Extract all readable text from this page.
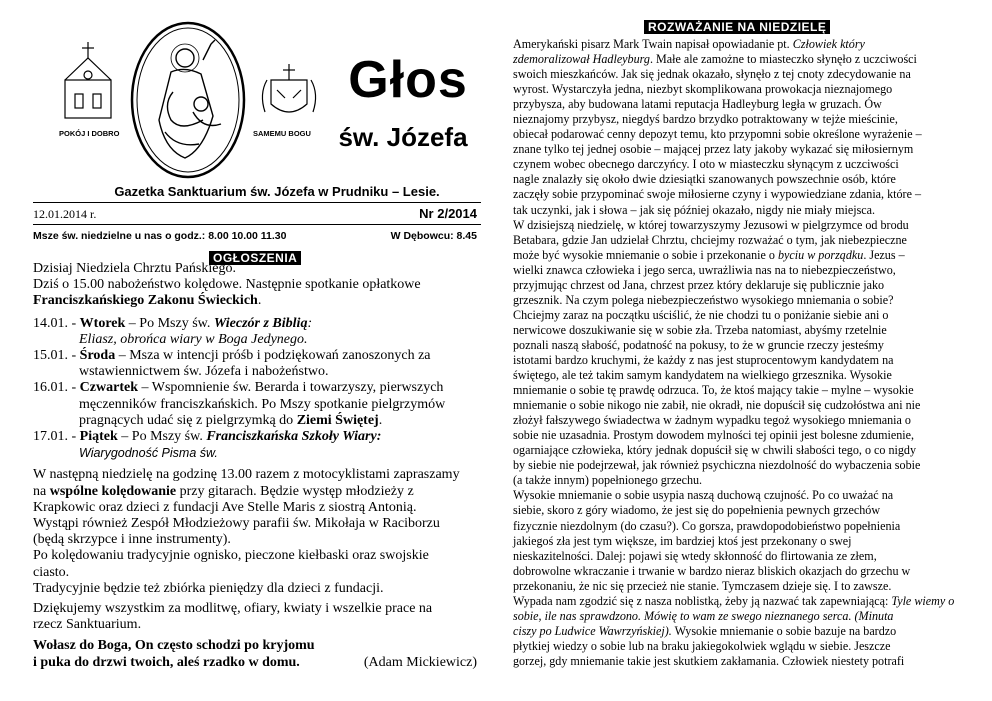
POKÓJ I DOBRO	SAMEMU BOGU
Głos
św. Józefa
Gazetka Sanktuarium św. Józefa w Prudniku – Lesie.
12.01.2014 r.	Nr 2/2014
Msze św. niedzielne u nas o godz.: 8.00 10.00 11.30	W Dębowcu: 8.45
OGŁOSZENIA

Dzisiaj Niedziela Chrztu Pańskiego.

Dziś o 15.00 nabożeństwo kolędowe. Następnie spotkanie opłatkowe

Franciszkańskiego Zakonu Świeckich.

14.01. - Wtorek – Po Mszy św. Wieczór z Biblią:

Eliasz, obrońca wiary w Boga Jedynego.

15.01. - Środa – Msza w intencji próśb i podziękowań zanoszonych za

wstawiennictwem św. Józefa i nabożeństwo.

16.01. - Czwartek – Wspomnienie św. Berarda i towarzyszy, pierwszych

męczenników franciszkańskich. Po Mszy spotkanie pielgrzymów

pragnących udać się z pielgrzymką do Ziemi Świętej.

17.01. - Piątek – Po Mszy św. Franciszkańska Szkoły Wiary:

Wiarygodność Pisma św.

W następną niedzielę na godzinę 13.00 razem z motocyklistami zapraszamy

na wspólne kolędowanie przy gitarach. Będzie występ młodzieży z

Krapkowic oraz dzieci z fundacji Ave Stelle Maris z siostrą Antonią.

Wystąpi również Zespół Młodzieżowy parafii św. Mikołaja w Raciborzu

(będą skrzypce i inne instrumenty).

Po kolędowaniu tradycyjnie ognisko, pieczone kiełbaski oraz swojskie

ciasto.

Tradycyjnie będzie też zbiórka pieniędzy dla dzieci z fundacji.

Dziękujemy wszystkim za modlitwę, ofiary, kwiaty i wszelkie prace na

rzecz Sanktuarium.

Wołasz do Boga, On często schodzi po kryjomu

i puka do drzwi twoich, aleś rzadko w domu.	(Adam Mickiewicz)
ROZWAŻANIE NA NIEDZIELĘ

Amerykański pisarz Mark Twain napisał opowiadanie pt. Człowiek który

zdemoralizował Hadleyburg. Małe ale zamożne to miasteczko słynęło z uczciwości

swoich mieszkańców. Jak się jednak okazało, słynęło z tej cnoty zdecydowanie na

wyrost. Wystarczyła jedna, niezbyt skomplikowana prowokacja nieznajomego

przybysza, aby budowana latami reputacja Hadleyburg legła w gruzach. Ów

nieznajomy przybysz, niegdyś bardzo brzydko potraktowany w tejże mieścinie,

obiecał podarować cenny depozyt temu, kto przypomni sobie określone wyrażenie –

znane tylko tej jednej osobie – mającej przez laty jakoby wykazać się miłosiernym

czynem wobec obecnego darczyńcy. I oto w miasteczku słynącym z uczciwości

nagle znalazły się około dwie dziesiątki szanowanych powszechnie osób, które

zaczęły sobie przypominać swoje miłosierne czyny i wypowiedziane zdania, które –

tak uczynki, jak i słowa – jak się później okazało, nigdy nie miały miejsca.

W dzisiejszą niedzielę, w której towarzyszymy Jezusowi w pielgrzymce od brodu

Betabara, gdzie Jan udzielał Chrztu, chciejmy rozważać o tym, jak niebezpieczne

może być wysokie mniemanie o sobie i przekonanie o byciu w porządku. Jezus –

wielki znawca człowieka i jego serca, uwrażliwia nas na to niebezpieczeństwo,

przyjmując chrzest od Jana, chrzest przez który deklaruje się publicznie jako

grzesznik. Na czym polega niebezpieczeństwo wysokiego mniemania o sobie?

Chciejmy zaraz na początku uściślić, że nie chodzi tu o poniżanie siebie ani o

nerwicowe doszukiwanie się w sobie zła. Trzeba natomiast, abyśmy rzetelnie

poznali naszą słabość, podatność na pokusy, to że w gruncie rzeczy jesteśmy

istotami bardzo kruchymi, że każdy z nas jest stuprocentowym kandydatem na

świętego, ale też takim samym kandydatem na wielkiego grzesznika. Wysokie

mniemanie o sobie tę prawdę odrzuca. To, że ktoś mający takie – mylne – wysokie

mniemanie o sobie nikogo nie zabił, nie okradł, nie dopuścił się cudzołóstwa ani nie

złożył fałszywego świadectwa w żadnym wypadku tegoż wysokiego mniemania o

sobie nie uzasadnia. Prostym dowodem mylności tej opinii jest bolesne zdumienie,

ogarniające człowieka, który jednak dopuścił się w chwili słabości tego, o co nigdy

by siebie nie podejrzewał, jak również psychiczna niezdolność do wybaczenia sobie

(a także innym) popełnionego grzechu.

Wysokie mniemanie o sobie usypia naszą duchową czujność. Po co uważać na

siebie, skoro z góry wiadomo, że jest się do popełnienia pewnych grzechów

fizycznie niezdolnym (do czasu?). Co gorsza, prawdopodobieństwo popełnienia

jakiegoś zła jest tym większe, im bardziej ktoś jest przekonany o swej

nieskazitelności. Dalej: pojawi się wtedy skłonność do flirtowania ze złem,

dobrowolne wkraczanie i trwanie w bardzo nieraz bliskich okazjach do grzechu w

przekonaniu, że nic się przecież nie stanie. Tymczasem dzieje się. I to zawsze.

Wypada nam zgodzić się z nasza noblistką, żeby ją nazwać tak zapewniającą: Tyle wiemy o

sobie, ile nas sprawdzono. Mówię to wam ze swego nieznanego serca. (Minuta

ciszy po Ludwice Wawrzyńskiej). Wysokie mniemanie o sobie bazuje na bardzo

płytkiej wiedzy o sobie lub na braku jakiegokolwiek wglądu w siebie. Jeszcze

gorzej, gdy mniemanie takie jest skutkiem zakłamania. Człowiek niestety potrafi
